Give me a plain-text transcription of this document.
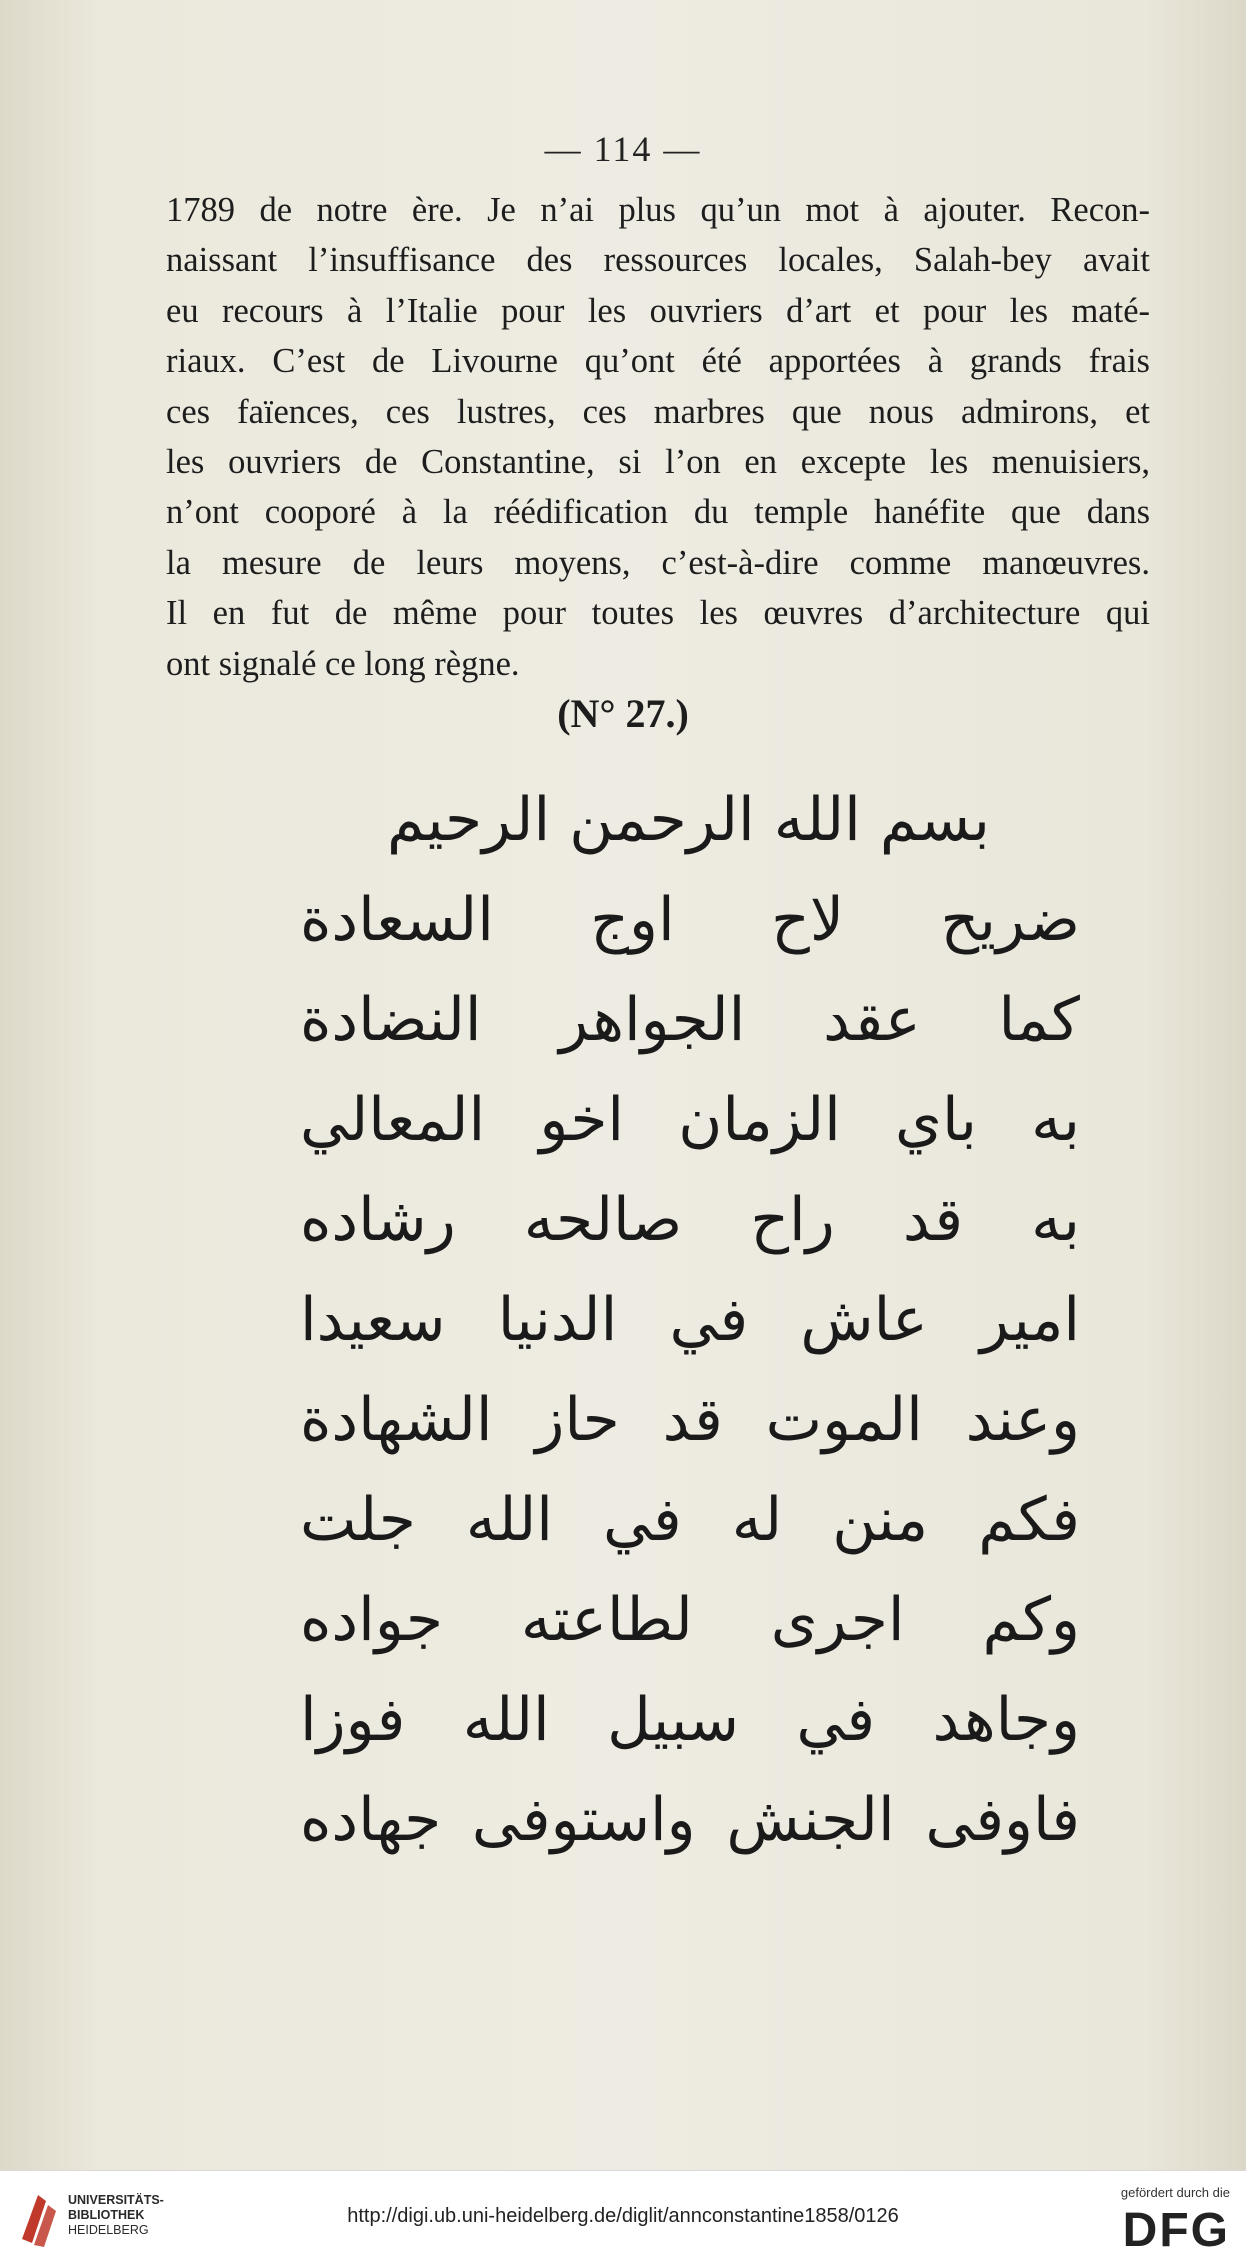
— 114 —
1789 de notre ère. Je n’ai plus qu’un mot à ajouter. Recon-
naissant l’insuffisance des ressources locales, Salah-bey avait
eu recours à l’Italie pour les ouvriers d’art et pour les maté-
riaux. C’est de Livourne qu’ont été apportées à grands frais
ces faïences, ces lustres, ces marbres que nous admirons, et
les ouvriers de Constantine, si l’on en excepte les menuisiers,
n’ont cooporé à la réédification du temple hanéfite que dans
la mesure de leurs moyens, c’est-à-dire comme manœuvres.
Il en fut de même pour toutes les œuvres d’architecture qui
ont signalé ce long règne.
(N° 27.)
بسم الله الرحمن الرحيم
ضريح لاح اوج السعادة
كما عقد الجواهر النضادة
به باي الزمان اخو المعالي
به قد راح صالحه رشاده
امير عاش في الدنيا سعيدا
وعند الموت قد حاز الشهادة
فكم منن له في الله جلت
وكم اجرى لطاعته جواده
وجاهد في سبيل الله فوزا
فاوفى الجنش واستوفى جهاده
UNIVERSITÄTS-
BIBLIOTHEK
HEIDELBERG
http://digi.ub.uni-heidelberg.de/diglit/annconstantine1858/0126
gefördert durch die
DFG
